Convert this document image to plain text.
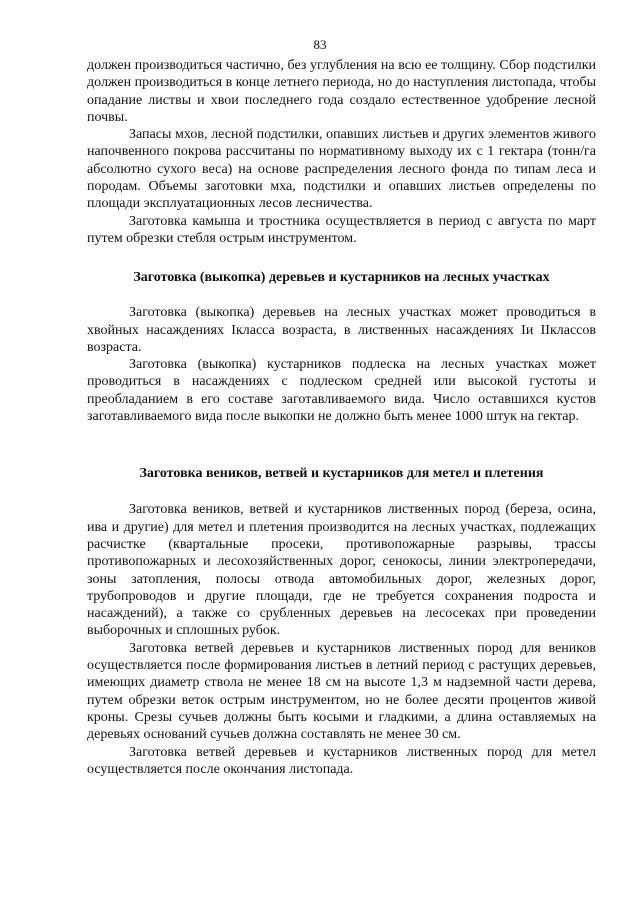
83

должен производиться частично, без углубления на всю ее толщину. Сбор подстилки должен производиться в конце летнего периода, но до наступления листопада, чтобы опадание листвы и хвои последнего года создало естественное удобрение лесной почвы.

Запасы мхов, лесной подстилки, опавших листьев и других элементов живого напочвенного покрова рассчитаны по нормативному выходу их с 1 гектара (тонн/га абсолютно сухого веса) на основе распределения лесного фонда по типам леса и породам. Объемы заготовки мха, подстилки и опавших листьев определены по площади эксплуатационных лесов лесничества.

Заготовка камыша и тростника осуществляется в период с августа по март путем обрезки стебля острым инструментом.

Заготовка (выкопка) деревьев и кустарников на лесных участках

Заготовка (выкопка) деревьев на лесных участках может проводиться в хвойных насаждениях Iкласса возраста, в лиственных насаждениях Iи IIклассов возраста.

Заготовка (выкопка) кустарников подлеска на лесных участках может проводиться в насаждениях с подлеском средней или высокой густоты и преобладанием в его составе заготавливаемого вида. Число оставшихся кустов заготавливаемого вида после выкопки не должно быть менее 1000 штук на гектар.

Заготовка веников, ветвей и кустарников для метел и плетения

Заготовка веников, ветвей и кустарников лиственных пород (береза, осина, ива и другие) для метел и плетения производится на лесных участках, подлежащих расчистке (квартальные просеки, противопожарные разрывы, трассы противопожарных и лесохозяйственных дорог, сенокосы, линии электропередачи, зоны затопления, полосы отвода автомобильных дорог, железных дорог, трубопроводов и другие площади, где не требуется сохранения подроста и насаждений), а также со срубленных деревьев на лесосеках при проведении выборочных и сплошных рубок.

Заготовка ветвей деревьев и кустарников лиственных пород для веников осуществляется после формирования листьев в летний период с растущих деревьев, имеющих диаметр ствола не менее 18 см на высоте 1,3 м надземной части дерева, путем обрезки веток острым инструментом, но не более десяти процентов живой кроны. Срезы сучьев должны быть косыми и гладкими, а длина оставляемых на деревьях оснований сучьев должна составлять не менее 30 см.

Заготовка ветвей деревьев и кустарников лиственных пород для метел осуществляется после окончания листопада.
